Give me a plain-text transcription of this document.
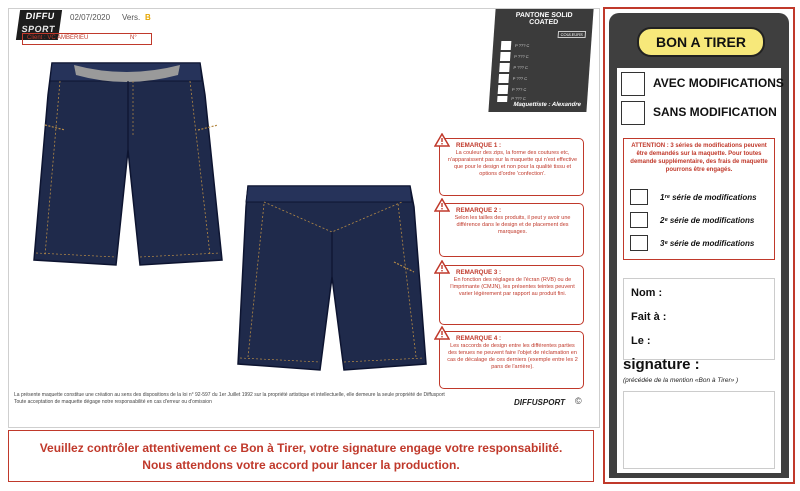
DIFFU
SPORT
02/07/2020 Vers. B
Client : VC AMBERIEU	N°
PANTONE SOLID COATED
COULEURS
P ??? C
P ??? C
P ??? C
P ??? C
P ??? C
P ??? C
Maquettiste : Alexandre
REMARQUE 1 :
La couleur des zips, la forme des coutures etc, n'apparaissent pas sur la maquette qui n'est effective que pour le design et non pour la qualité tissu et options d'ordre 'confection'.
REMARQUE 2 :
Selon les tailles des produits, il peut y avoir une différence dans le design et de placement des marquages.
REMARQUE 3 :
En fonction des réglages de l'écran (RVB) ou de l'imprimante (CMJN), les présentes teintes peuvent varier légèrement par rapport au produit fini.
REMARQUE 4 :
Les raccords de design entre les différentes parties des tenues ne peuvent faire l'objet de réclamation en cas de décalage de ces derniers (exemple entre les 2 pans de l'arrière).
La présente maquette constitue une création au sens des dispositions de la loi n° 92-597 du 1er Juillet 1992 sur la propriété artistique et intellectuelle, elle demeure la seule propriété de Diffusport
Toute acceptation de maquette dégage notre responsabilité en cas d'erreur ou d'omission	DIFFUSPORT ©
Veuillez contrôler attentivement ce Bon à Tirer, votre signature engage votre responsabilité.
Nous attendons votre accord pour lancer la production.
BON A TIRER
AVEC MODIFICATIONS
SANS MODIFICATION
ATTENTION : 3 séries de modifications peuvent être demandés sur la maquette. Pour toutes demande supplémentaire, des frais de maquette pourrons être engagés.
1ʳᵉ série de modifications
2ᵉ série de modifications
3ᵉ série de modifications
Nom :
Fait à :
Le :
signature :
(précédée de la mention «Bon à Tirer» )
